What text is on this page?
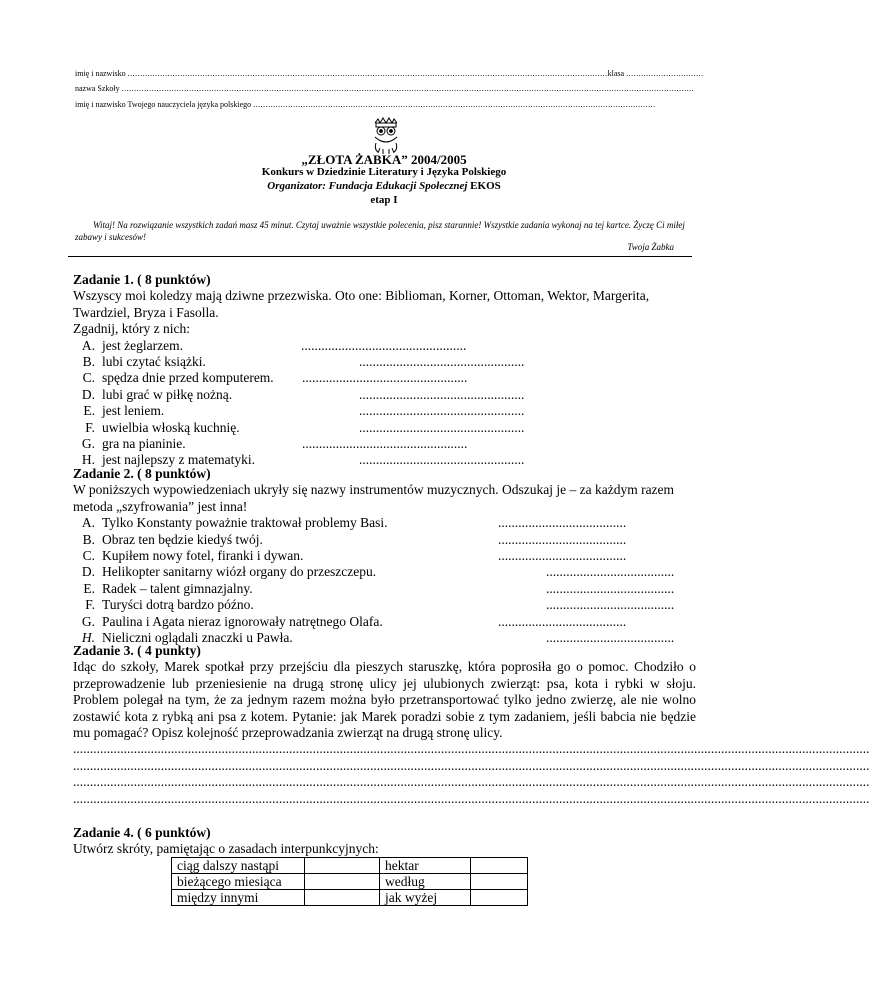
imię i nazwisko ................................................................................................................................................................................................klasa ...............................
nazwa Szkoły .....................................................................................................................................................................................................................................
imię i nazwisko Twojego nauczyciela języka polskiego .................................................................................................................................................................
„ZŁOTA ŻABKA” 2004/2005
Konkurs w Dziedzinie Literatury i Języka Polskiego
Organizator: Fundacja Edukacji Społecznej EKOS
etap I
Witaj! Na rozwiązanie wszystkich zadań masz 45 minut. Czytaj uważnie wszystkie polecenia, pisz starannie! Wszystkie zadania wykonaj na tej kartce. Życzę Ci miłej zabawy i sukcesów!
Twoja Żabka
Zadanie 1. ( 8 punktów)
Wszyscy moi koledzy mają dziwne przezwiska. Oto one: Biblioman, Korner, Ottoman, Wektor, Margerita, Twardziel, Bryza i Fasolla.
Zgadnij, który z nich:
A. jest żeglarzem.	.................................................
B. lubi czytać książki.	.................................................
C. spędza dnie przed komputerem. .................................................
D. lubi grać w piłkę nożną.	.................................................
E. jest leniem.	.................................................
F. uwielbia włoską kuchnię.	.................................................
G. gra na pianinie.	.................................................
H. jest najlepszy z matematyki.	.................................................
Zadanie 2. ( 8 punktów)
W poniższych wypowiedzeniach ukryły się nazwy instrumentów muzycznych. Odszukaj je – za każdym razem metoda „szyfrowania” jest inna!
A. Tylko Konstanty poważnie traktował problemy Basi.	......................................
B. Obraz ten będzie kiedyś twój.	......................................
C. Kupiłem nowy fotel, firanki i dywan.	......................................
D. Helikopter sanitarny wiózł organy do przeszczepu.	......................................
E. Radek – talent gimnazjalny.	......................................
F. Turyści dotrą bardzo późno.	......................................
G. Paulina i Agata nieraz ignorowały natrętnego Olafa.	......................................
H. Nieliczni oglądali znaczki u Pawła.	......................................
Zadanie 3. ( 4 punkty)
Idąc do szkoły, Marek spotkał przy przejściu dla pieszych staruszkę, która poprosiła go o pomoc. Chodziło o przeprowadzenie lub przeniesienie na drugą stronę ulicy jej ulubionych zwierząt: psa, kota i rybki w słoju. Problem polegał na tym, że za jednym razem można było przetransportować tylko jedno zwierzę, ale nie wolno zostawić kota z rybką ani psa z kotem. Pytanie: jak Marek poradzi sobie z tym zadaniem, jeśli babcia nie będzie mu pomagać? Opisz kolejność przeprowadzania zwierząt na drugą stronę ulicy.
............................................................................................................................................................................................................................................
............................................................................................................................................................................................................................................
............................................................................................................................................................................................................................................
............................................................................................................................................................................................................................................
Zadanie 4. ( 6 punktów)
Utwórz skróty, pamiętając o zasadach interpunkcyjnych:
ciąg dalszy nastąpi		hektar	
bieżącego miesiąca		według	
między innymi		jak wyżej	
